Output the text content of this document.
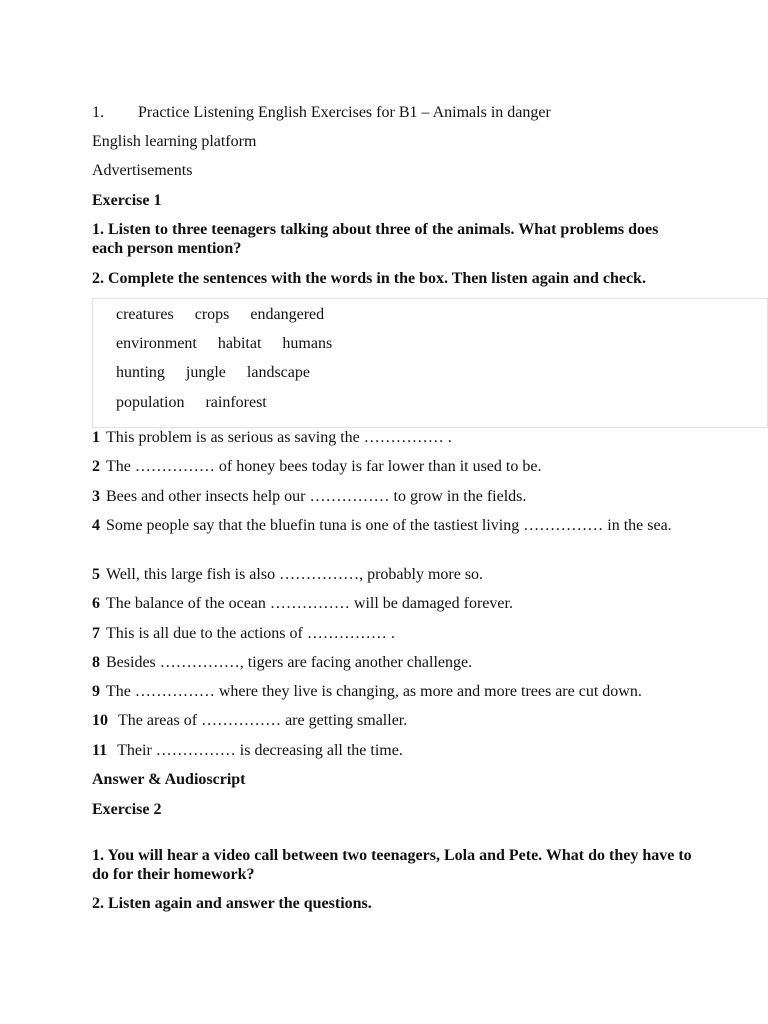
1. Practice Listening English Exercises for B1 – Animals in danger
English learning platform
Advertisements
Exercise 1
1. Listen to three teenagers talking about three of the animals. What problems does each person mention?
2. Complete the sentences with the words in the box. Then listen again and check.
creatures crops endangered
environment habitat humans
hunting jungle landscape
population rainforest
1 This problem is as serious as saving the …………… .
2 The …………… of honey bees today is far lower than it used to be.
3 Bees and other insects help our …………… to grow in the fields.
4 Some people say that the bluefin tuna is one of the tastiest living …………… in the sea.
5 Well, this large fish is also ……………, probably more so.
6 The balance of the ocean …………… will be damaged forever.
7 This is all due to the actions of …………… .
8 Besides ……………, tigers are facing another challenge.
9 The …………… where they live is changing, as more and more trees are cut down.
10 The areas of …………… are getting smaller.
11 Their …………… is decreasing all the time.
Answer & Audioscript
Exercise 2
1. You will hear a video call between two teenagers, Lola and Pete. What do they have to do for their homework?
2. Listen again and answer the questions.
